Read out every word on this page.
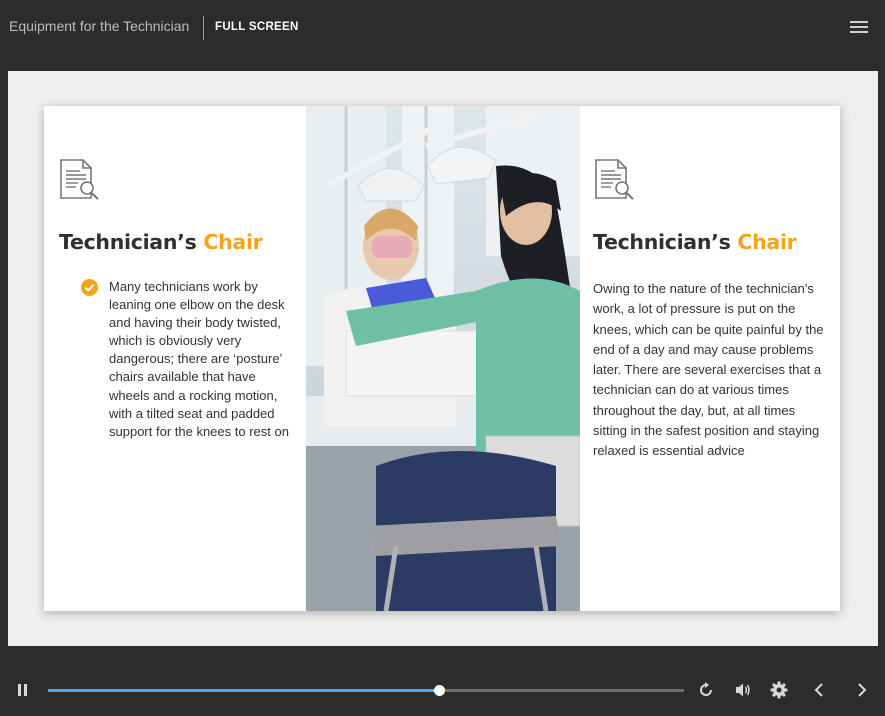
Equipment for the Technician FULL SCREEN
Technician’s Chair
Many technicians work by leaning one elbow on the desk and having their body twisted, which is obviously very dangerous; there are ‘posture’ chairs available that have wheels and a rocking motion, with a tilted seat and padded support for the knees to rest on
Technician’s Chair
Owing to the nature of the technician’s work, a lot of pressure is put on the knees, which can be quite painful by the end of a day and may cause problems later. There are several exercises that a technician can do at various times throughout the day, but, at all times sitting in the safest position and staying relaxed is essential advice
